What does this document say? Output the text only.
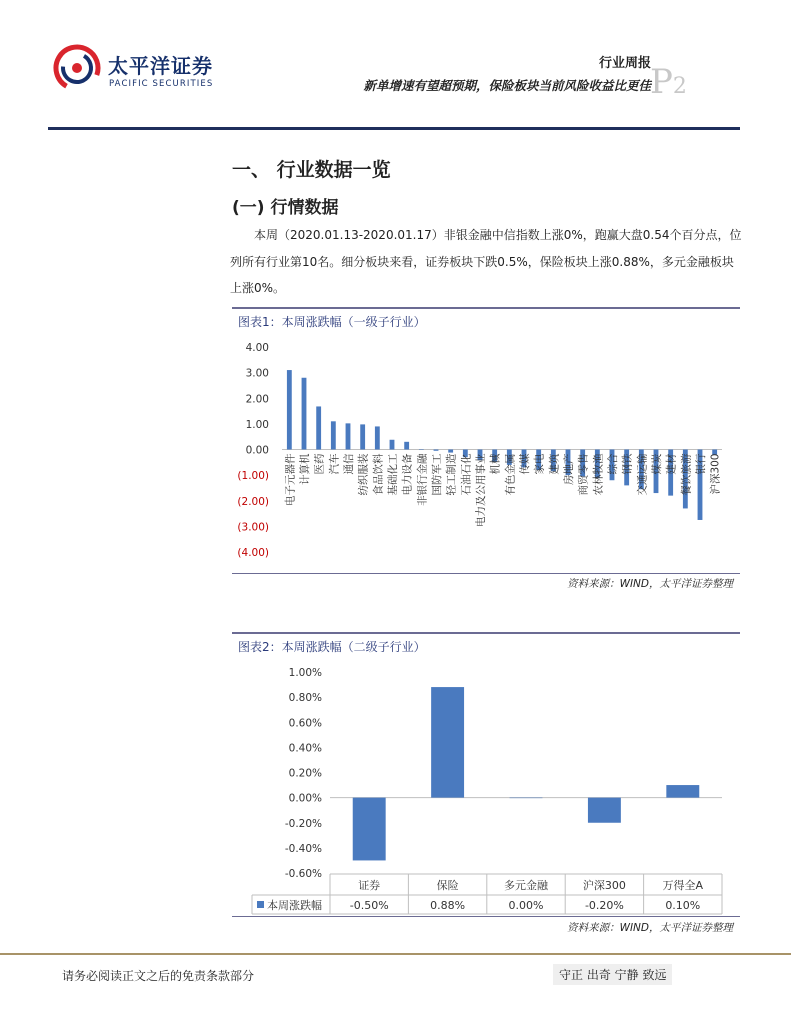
太平洋证券
PACIFIC SECURITIES
行业周报
新单增速有望超预期，保险板块当前风险收益比更佳 P2
一、 行业数据一览
(一) 行情数据
本周（2020.01.13-2020.01.17）非银金融中信指数上涨0%，跑赢大盘0.54个百分点，位列所有行业第10名。细分板块来看，证券板块下跌0.5%，保险板块上涨0.88%，多元金融板块上涨0%。
图表1：本周涨跌幅（一级子行业）
4.00
3.00
2.00
1.00
0.00
(1.00)
(2.00)
(3.00)
(4.00)
电子元器件 计算机 医药 汽车 通信 纺织服装 食品饮料 基础化工 电力设备 非银行金融 国防军工 轻工制造 石油石化 电力及公用事业 机械 有色金属 传媒 家电 建筑 房地产 商贸零售 农林牧渔 综合 钢铁 交通运输 煤炭 建材 餐饮旅游 银行 沪深300
资料来源：WIND，太平洋证券整理
图表2：本周涨跌幅（二级子行业）
1.00%
0.80%
0.60%
0.40%
0.20%
0.00%
-0.20%
-0.40%
-0.60%
证券	保险	多元金融	沪深300	万得全A
-0.50%	0.88%	0.00%	-0.20%	0.10%
本周涨跌幅
资料来源：WIND，太平洋证券整理
请务必阅读正文之后的免责条款部分	守正 出奇 宁静 致远
